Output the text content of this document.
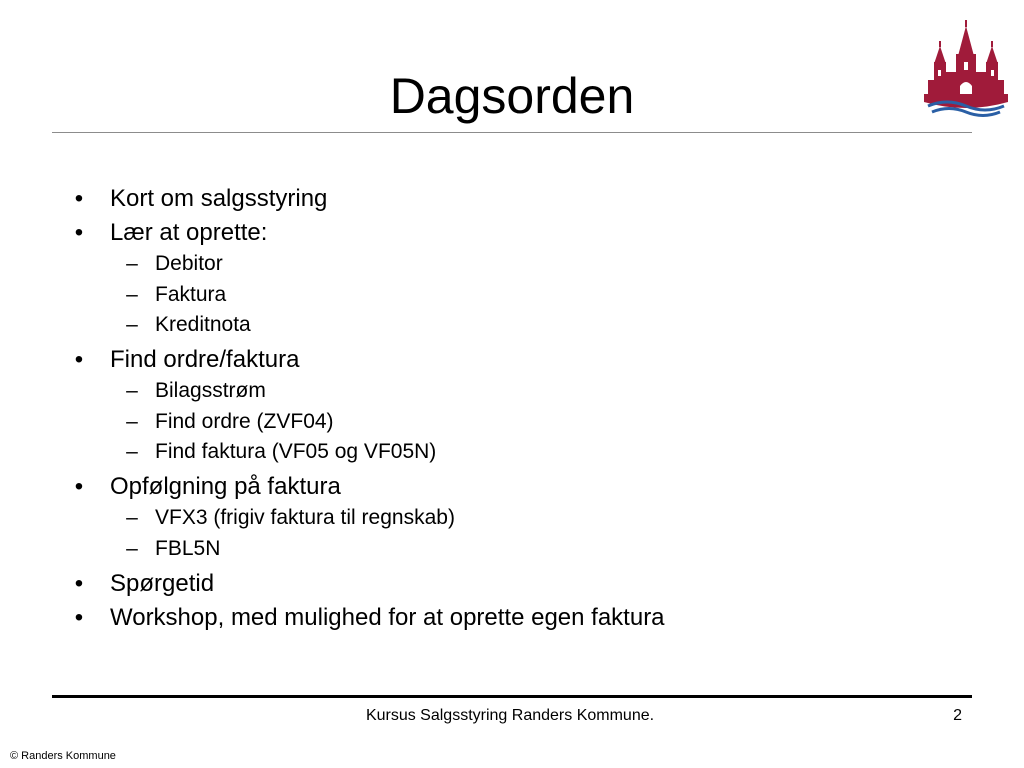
Dagsorden
• Kort om salgsstyring
• Lær at oprette:
– Debitor
– Faktura
– Kreditnota
• Find ordre/faktura
– Bilagsstrøm
– Find ordre (ZVF04)
– Find faktura (VF05 og VF05N)
• Opfølgning på faktura
– VFX3 (frigiv faktura til regnskab)
– FBL5N
• Spørgetid
• Workshop, med mulighed for at oprette egen faktura
Kursus Salgsstyring Randers Kommune.	2
© Randers Kommune
